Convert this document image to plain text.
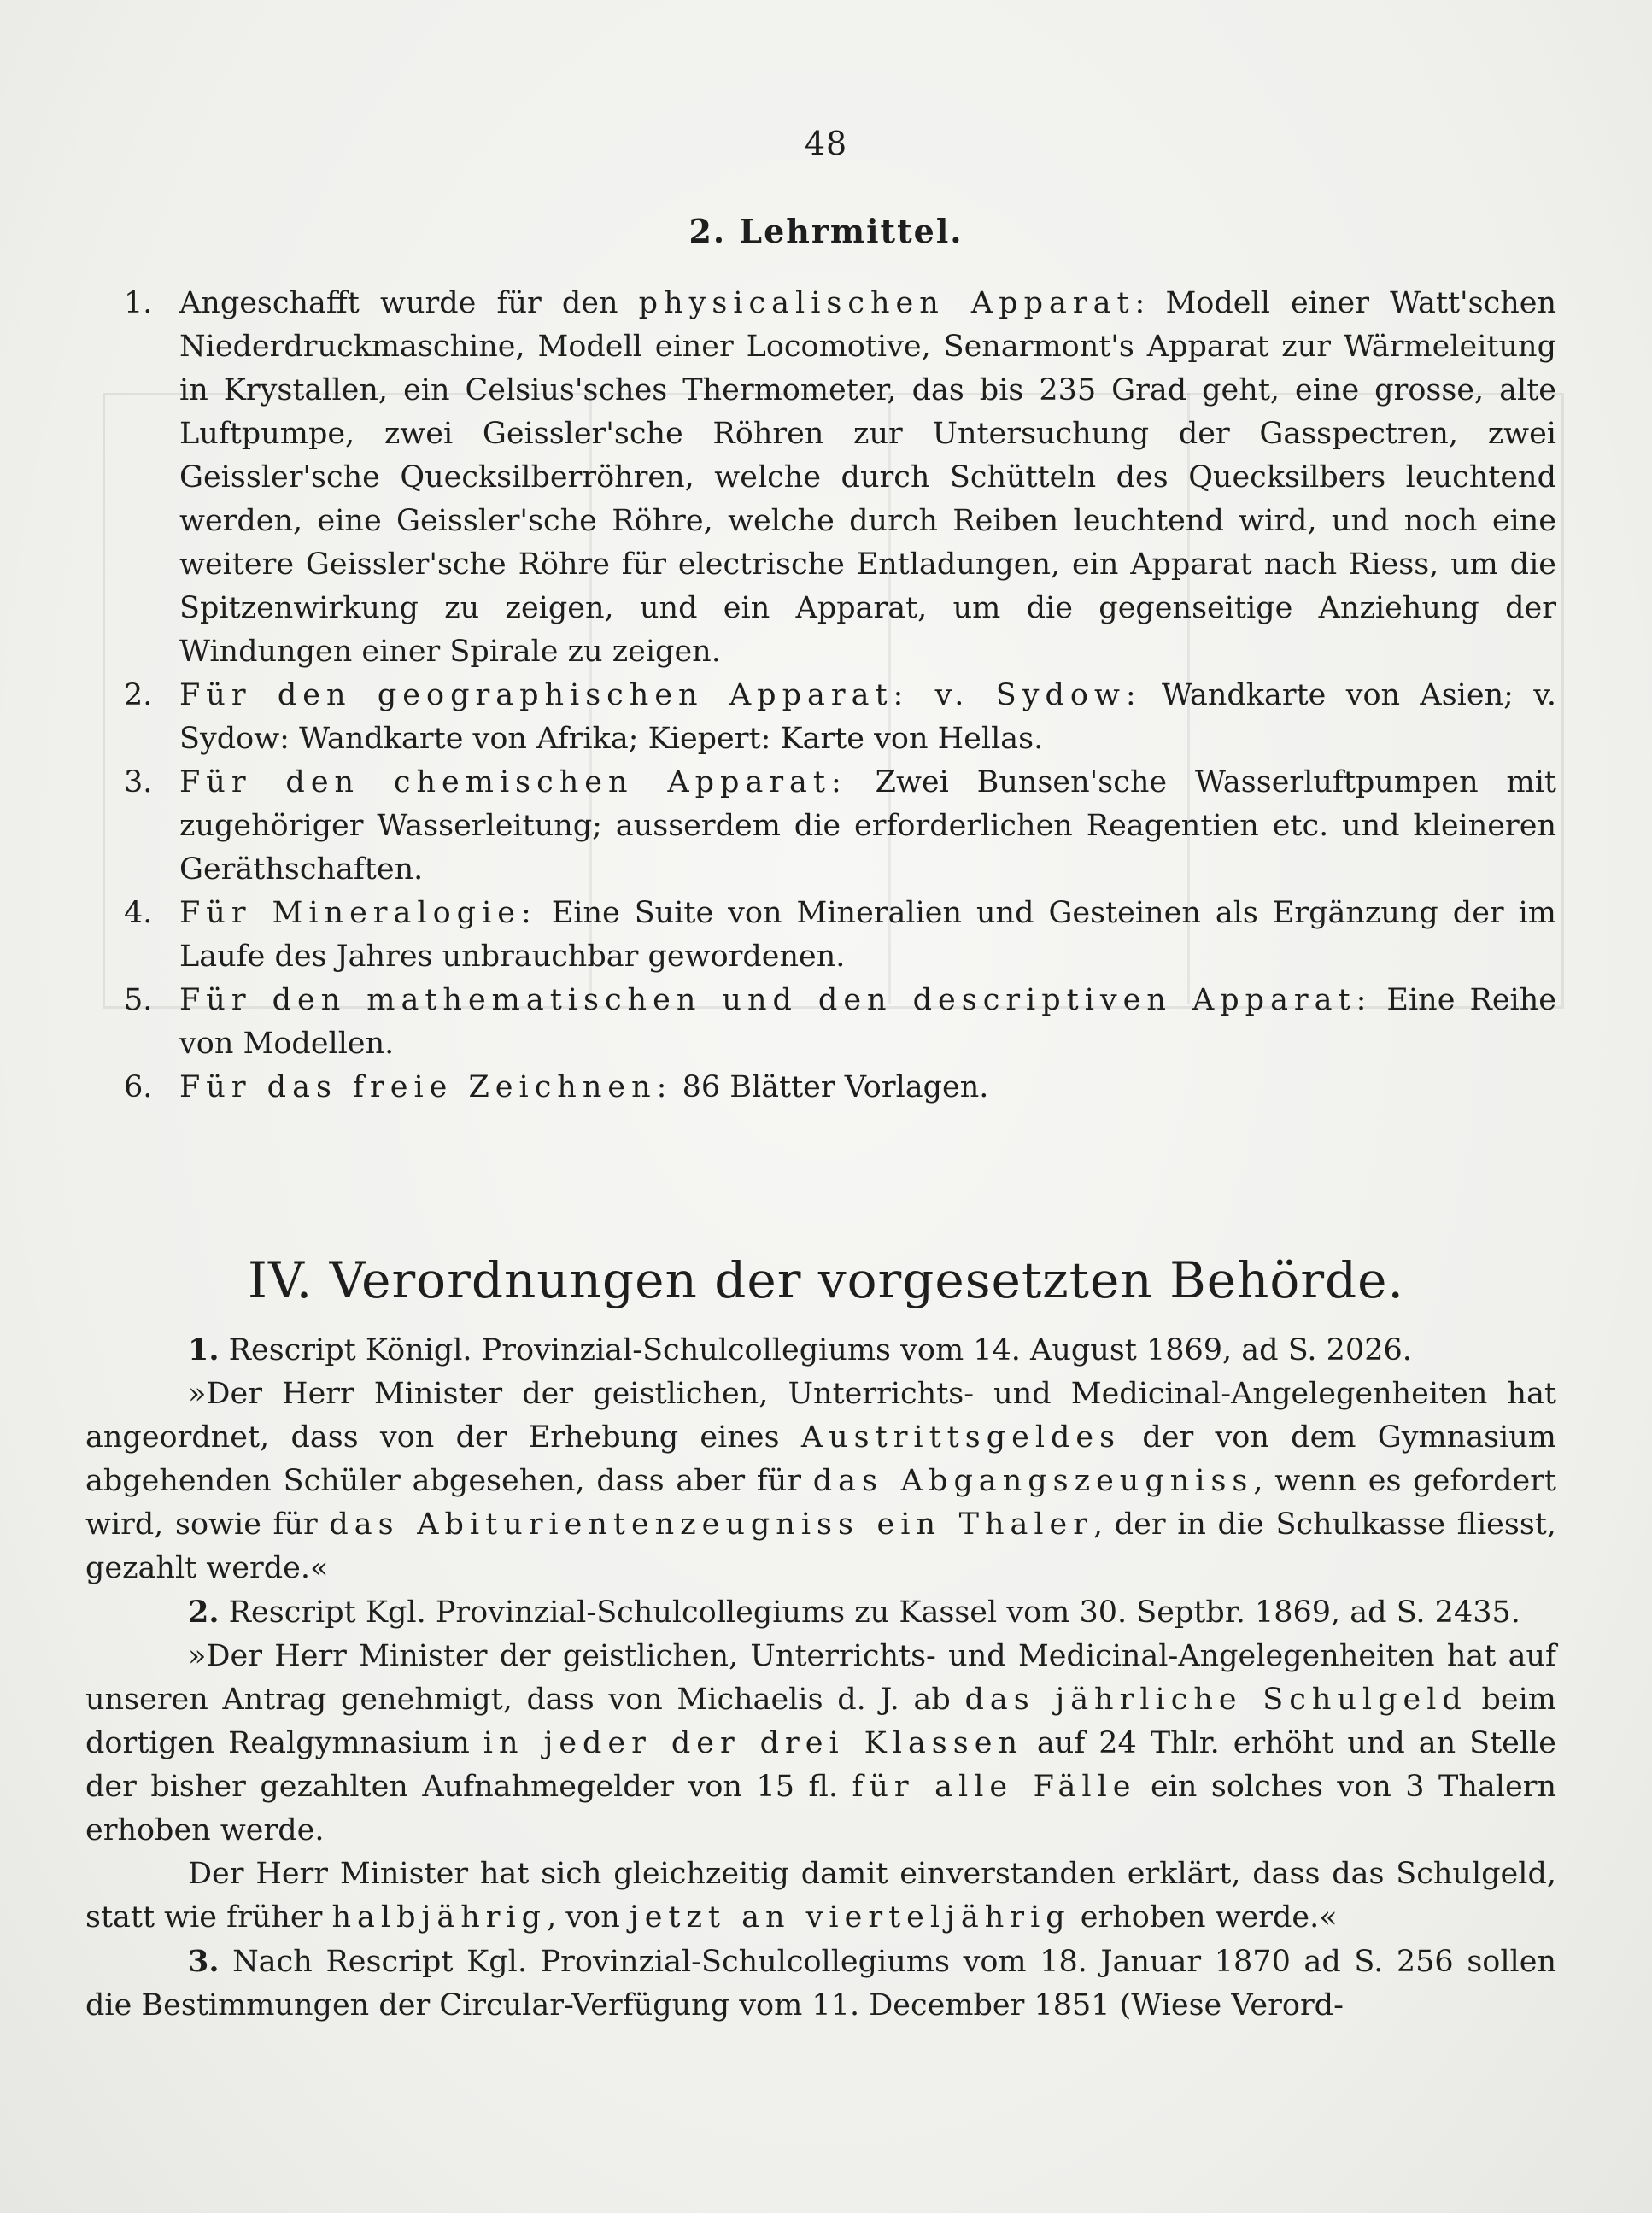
48
2. Lehrmittel.
1. Angeschafft wurde für den physicalischen Apparat: Modell einer Watt'schen Niederdruckmaschine, Modell einer Locomotive, Senarmont's Apparat zur Wärmeleitung in Krystallen, ein Celsius'sches Thermometer, das bis 235 Grad geht, eine grosse, alte Luftpumpe, zwei Geissler'sche Röhren zur Untersuchung der Gasspectren, zwei Geissler'sche Quecksilberröhren, welche durch Schütteln des Quecksilbers leuchtend werden, eine Geissler'sche Röhre, welche durch Reiben leuchtend wird, und noch eine weitere Geissler'sche Röhre für electrische Entladungen, ein Apparat nach Riess, um die Spitzenwirkung zu zeigen, und ein Apparat, um die gegenseitige Anziehung der Windungen einer Spirale zu zeigen.
2. Für den geographischen Apparat: v. Sydow: Wandkarte von Asien; v. Sydow: Wandkarte von Afrika; Kiepert: Karte von Hellas.
3. Für den chemischen Apparat: Zwei Bunsen'sche Wasserluftpumpen mit zugehöriger Wasserleitung; ausserdem die erforderlichen Reagentien etc. und kleineren Geräthschaften.
4. Für Mineralogie: Eine Suite von Mineralien und Gesteinen als Ergänzung der im Laufe des Jahres unbrauchbar gewordenen.
5. Für den mathematischen und den descriptiven Apparat: Eine Reihe von Modellen.
6. Für das freie Zeichnen: 86 Blätter Vorlagen.
IV. Verordnungen der vorgesetzten Behörde.

1. Rescript Königl. Provinzial-Schulcollegiums vom 14. August 1869, ad S. 2026.

»Der Herr Minister der geistlichen, Unterrichts- und Medicinal-Angelegenheiten hat angeordnet, dass von der Erhebung eines Austrittsgeldes der von dem Gymnasium abgehenden Schüler abgesehen, dass aber für das Abgangszeugniss, wenn es gefordert wird, sowie für das Abiturientenzeugniss ein Thaler, der in die Schulkasse fliesst, gezahlt werde.«

2. Rescript Kgl. Provinzial-Schulcollegiums zu Kassel vom 30. Septbr. 1869, ad S. 2435.

»Der Herr Minister der geistlichen, Unterrichts- und Medicinal-Angelegenheiten hat auf unseren Antrag genehmigt, dass von Michaelis d. J. ab das jährliche Schulgeld beim dortigen Realgymnasium in jeder der drei Klassen auf 24 Thlr. erhöht und an Stelle der bisher gezahlten Aufnahmegelder von 15 fl. für alle Fälle ein solches von 3 Thalern erhoben werde.

Der Herr Minister hat sich gleichzeitig damit einverstanden erklärt, dass das Schulgeld, statt wie früher halbjährig, von jetzt an vierteljährig erhoben werde.«

3. Nach Rescript Kgl. Provinzial-Schulcollegiums vom 18. Januar 1870 ad S. 256 sollen die Bestimmungen der Circular-Verfügung vom 11. December 1851 (Wiese Verord-
